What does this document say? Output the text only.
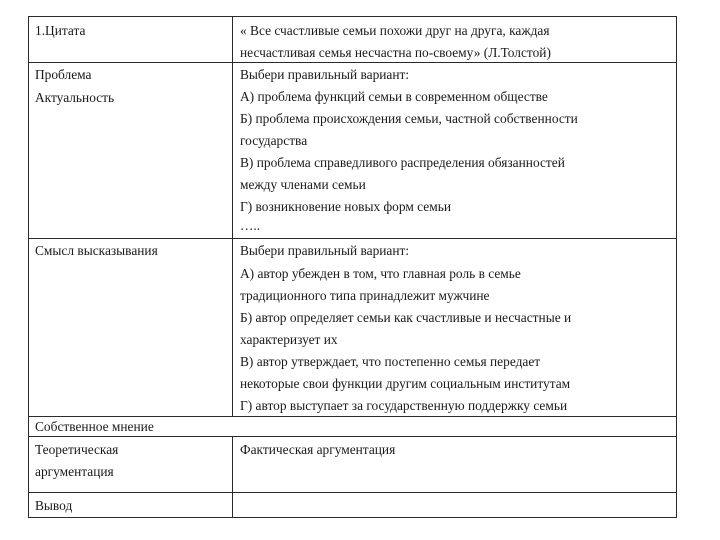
1.Цитата	« Все счастливые семьи похожи друг на друга, каждая
несчастливая семья несчастна по-своему» (Л.Толстой)
Проблема
Актуальность
Выбери правильный вариант:
А) проблема функций семьи в современном обществе
Б) проблема происхождения семьи, частной собственности
государства
В) проблема справедливого распределения обязанностей
между членами семьи
Г) возникновение новых форм семьи
…..
Смысл высказывания	Выбери правильный вариант:
А) автор убежден в том, что главная роль в семье
традиционного типа принадлежит мужчине
Б) автор определяет семьи как счастливые и несчастные и
характеризует их
В) автор утверждает, что постепенно семья передает
некоторые свои функции другим социальным институтам
Г) автор выступает за государственную поддержку семьи
Собственное мнение
Теоретическая
аргументация
Фактическая аргументация
Вывод
